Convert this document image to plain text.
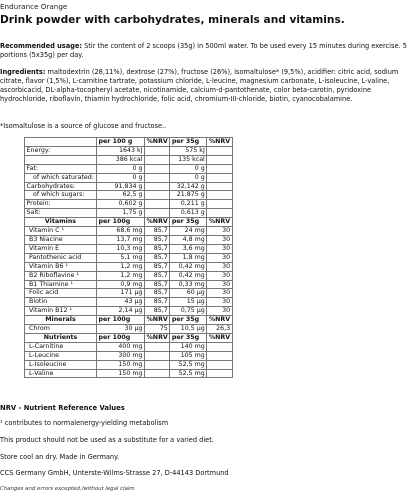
Endurance Orange
Drink powder with carbohydrates, minerals and vitamins.
Recommended usage: Stir the content of 2 scoops (35g) in 500ml water. To be used every 15 minutes during exercise. 5 portions (5x35g) per day.
Ingredients: maltodextrin (28,11%), dextrose (27%), fructose (26%), isomaltulose* (9,5%), acidifier: citric acid, sodium citrate, flavor (1,5%), L-carnitine tartrate, potassium chloride, L-leucine, magnesium carbonate, L-isoleucine, L-valine, ascorbicacid, DL-alpha-tocopheryl acetate, nicotinamide, calcium-d-pantothenate, color beta-carotin, pyridoxine hydrochloride, riboflavin, thiamin hydrochloride, folic acid, chromium-III-chloride, biotin, cyanocobalamine.
*Isomaltulose is a source of glucose and fructose..
	per 100 g	%NRV	per 35g	%NRV
Energy:	1643 kJ		575 kJ	
	386 kcal		135 kcal	
Fat:	0 g		0 g	
of which saturated:	0 g		0 g	
Carbohydrates:	91,834 g		32,142 g	
of which sugars:	62,5 g		21,875 g	
Protein:	0,602 g		0,211 g	
Salt:	1,75 g		0,613 g	
Vitamins	per 100g	%NRV	per 35g	%NRV
Vitamin C ¹	68,6 mg	85,7	24 mg	30
B3 Niacine	13,7 mg	85,7	4,8 mg	30
Vitamin E	10,3 mg	85,7	3,6 mg	30
Pantothenic acid	5,1 mg	85,7	1,8 mg	30
Vitamin B6 ¹	1,2 mg	85,7	0,42 mg	30
B2 Riboflavine ¹	1,2 mg	85,7	0,42 mg	30
B1 Thiamine ¹	0,9 mg	85,7	0,33 mg	30
Folic acid	171 µg	85,7	60 µg	30
Biotin	43 µg	85,7	15 µg	30
Vitamin B12 ¹	2,14 µg	85,7	0,75 µg	30
Minerals	per 100g	%NRV	per 35g	%NRV
Chrom	30 µg	75	10,5 µg	26,3
Nutrients	per 100g	%NRV	per 35g	%NRV
L-Carnitine	400 mg		140 mg	
L-Leucine	300 mg		105 mg	
L-Isoleucine	150 mg		52,5 mg	
L-Valine	150 mg		52,5 mg	
NRV - Nutrient Reference Values
¹ contributes to normalenergy-yielding metabolism
This product should not be used as a substitute for a varied diet.
Store cool an dry. Made in Germany.
CCS Germany GmbH, Unterste-Wilms-Strasse 27, D-44143 Dortmund
Changes and errors excepted./without legal claim
